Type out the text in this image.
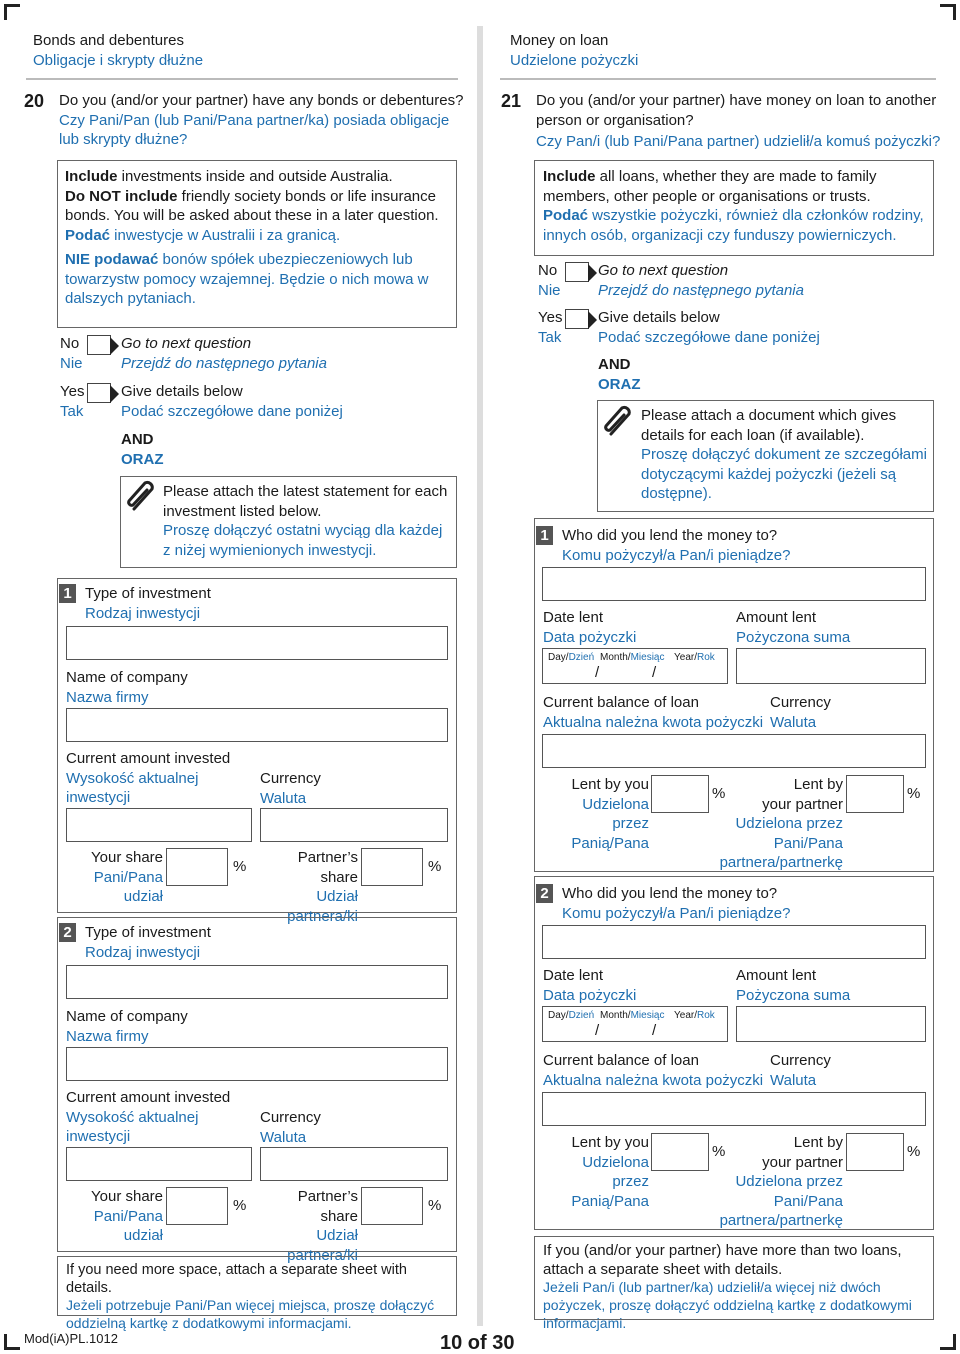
Bonds and debentures
Obligacje i skrypty dłużne
20 Do you (and/or your partner) have any bonds or debentures?
Czy Pani/Pan (lub Pani/Pana partner/ka) posiada obligacje lub skrypty dłużne?
Include investments inside and outside Australia.
Do NOT include friendly society bonds or life insurance bonds. You will be asked about these in a later question.
Podać inwestycje w Australii i za granicą.
NIE podawać bonów spółek ubezpieczeniowych lub towarzystw pomocy wzajemnej. Będzie o nich mowa w dalszych pytaniach.
No
Nie
Go to next question
Przejdź do następnego pytania
Yes
Tak
Give details below
Podać szczegółowe dane poniżej
AND
ORAZ
Please attach the latest statement for each investment listed below.
Proszę dołączyć ostatni wyciąg dla każdej z niżej wymienionych inwestycji.
1 Type of investment
Rodzaj inwestycji
Name of company
Nazwa firmy
Current amount invested
Wysokość aktualnej inwestycji
Currency
Waluta
Your share
Pani/Pana
udział
%
Partner’s share
Udział
partnera/ki
%
2 Type of investment
Rodzaj inwestycji
Name of company
Nazwa firmy
Current amount invested
Wysokość aktualnej inwestycji
Currency
Waluta
Your share
Pani/Pana
udział
%
Partner’s share
Udział
partnera/ki
%
If you need more space, attach a separate sheet with details.
Jeżeli potrzebuje Pani/Pan więcej miejsca, proszę dołączyć oddzielną kartkę z dodatkowymi informacjami.
Money on loan
Udzielone pożyczki
21 Do you (and/or your partner) have money on loan to another person or organisation?
Czy Pan/i (lub Pani/Pana partner) udzielił/a komuś pożyczki?
Include all loans, whether they are made to family members, other people or organisations or trusts.
Podać wszystkie pożyczki, również dla członków rodziny, innych osób, organizacji czy funduszy powierniczych.
No
Nie
Go to next question
Przejdź do następnego pytania
Yes
Tak
Give details below
Podać szczegółowe dane poniżej
AND
ORAZ
Please attach a document which gives details for each loan (if available).
Proszę dołączyć dokument ze szczegółami dotyczącymi każdej pożyczki (jeżeli są dostępne).
1 Who did you lend the money to?
Komu pożyczył/a Pan/i pieniądze?
Date lent
Data pożyczki
Amount lent
Pożyczona suma
Day/Dzień Month/Miesiąc Year/Rok
/	/
Current balance of loan
Aktualna należna kwota pożyczki
Currency
Waluta
Lent by you
Udzielona przez
Panią/Pana
%
Lent by
your partner
Udzielona przez
Pani/Pana
partnera/partnerkę
%
2 Who did you lend the money to?
Komu pożyczył/a Pan/i pieniądze?
Date lent
Data pożyczki
Amount lent
Pożyczona suma
Day/Dzień Month/Miesiąc Year/Rok
/	/
Current balance of loan
Aktualna należna kwota pożyczki
Currency
Waluta
Lent by you
Udzielona przez
Panią/Pana
%
Lent by
your partner
Udzielona przez
Pani/Pana
partnera/partnerkę
%
If you (and/or your partner) have more than two loans, attach a separate sheet with details.
Jeżeli Pan/i (lub partner/ka) udzielił/a więcej niż dwóch pożyczek, proszę dołączyć oddzielną kartkę z dodatkowymi informacjami.
Mod(iA)PL.1012	10 of 30
